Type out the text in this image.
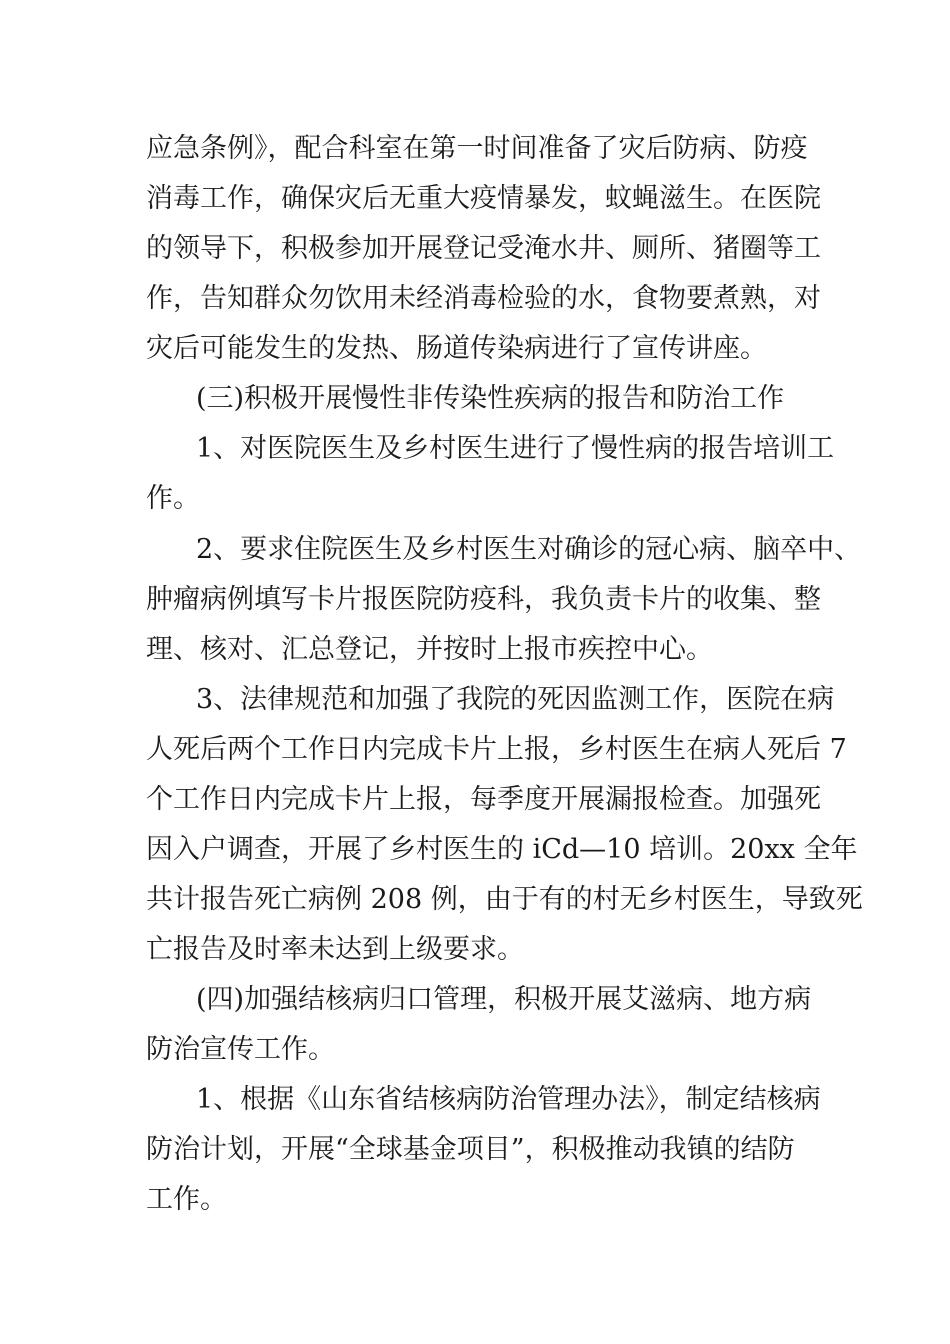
应急条例》，配合科室在第一时间准备了灾后防病、防疫
消毒工作，确保灾后无重大疫情暴发，蚊蝇滋生。在医院
的领导下，积极参加开展登记受淹水井、厕所、猪圈等工
作，告知群众勿饮用未经消毒检验的水，食物要煮熟，对
灾后可能发生的发热、肠道传染病进行了宣传讲座。
(三)积极开展慢性非传染性疾病的报告和防治工作
1、对医院医生及乡村医生进行了慢性病的报告培训工
作。
2、要求住院医生及乡村医生对确诊的冠心病、脑卒中、
肿瘤病例填写卡片报医院防疫科，我负责卡片的收集、整
理、核对、汇总登记，并按时上报市疾控中心。
3、法律规范和加强了我院的死因监测工作，医院在病
人死后两个工作日内完成卡片上报，乡村医生在病人死后 7
个工作日内完成卡片上报，每季度开展漏报检查。加强死
因入户调查，开展了乡村医生的 iCd—10 培训。20xx 全年
共计报告死亡病例 208 例，由于有的村无乡村医生，导致死
亡报告及时率未达到上级要求。
(四)加强结核病归口管理，积极开展艾滋病、地方病
防治宣传工作。
1、根据《山东省结核病防治管理办法》，制定结核病
防治计划，开展“全球基金项目”，积极推动我镇的结防
工作。
